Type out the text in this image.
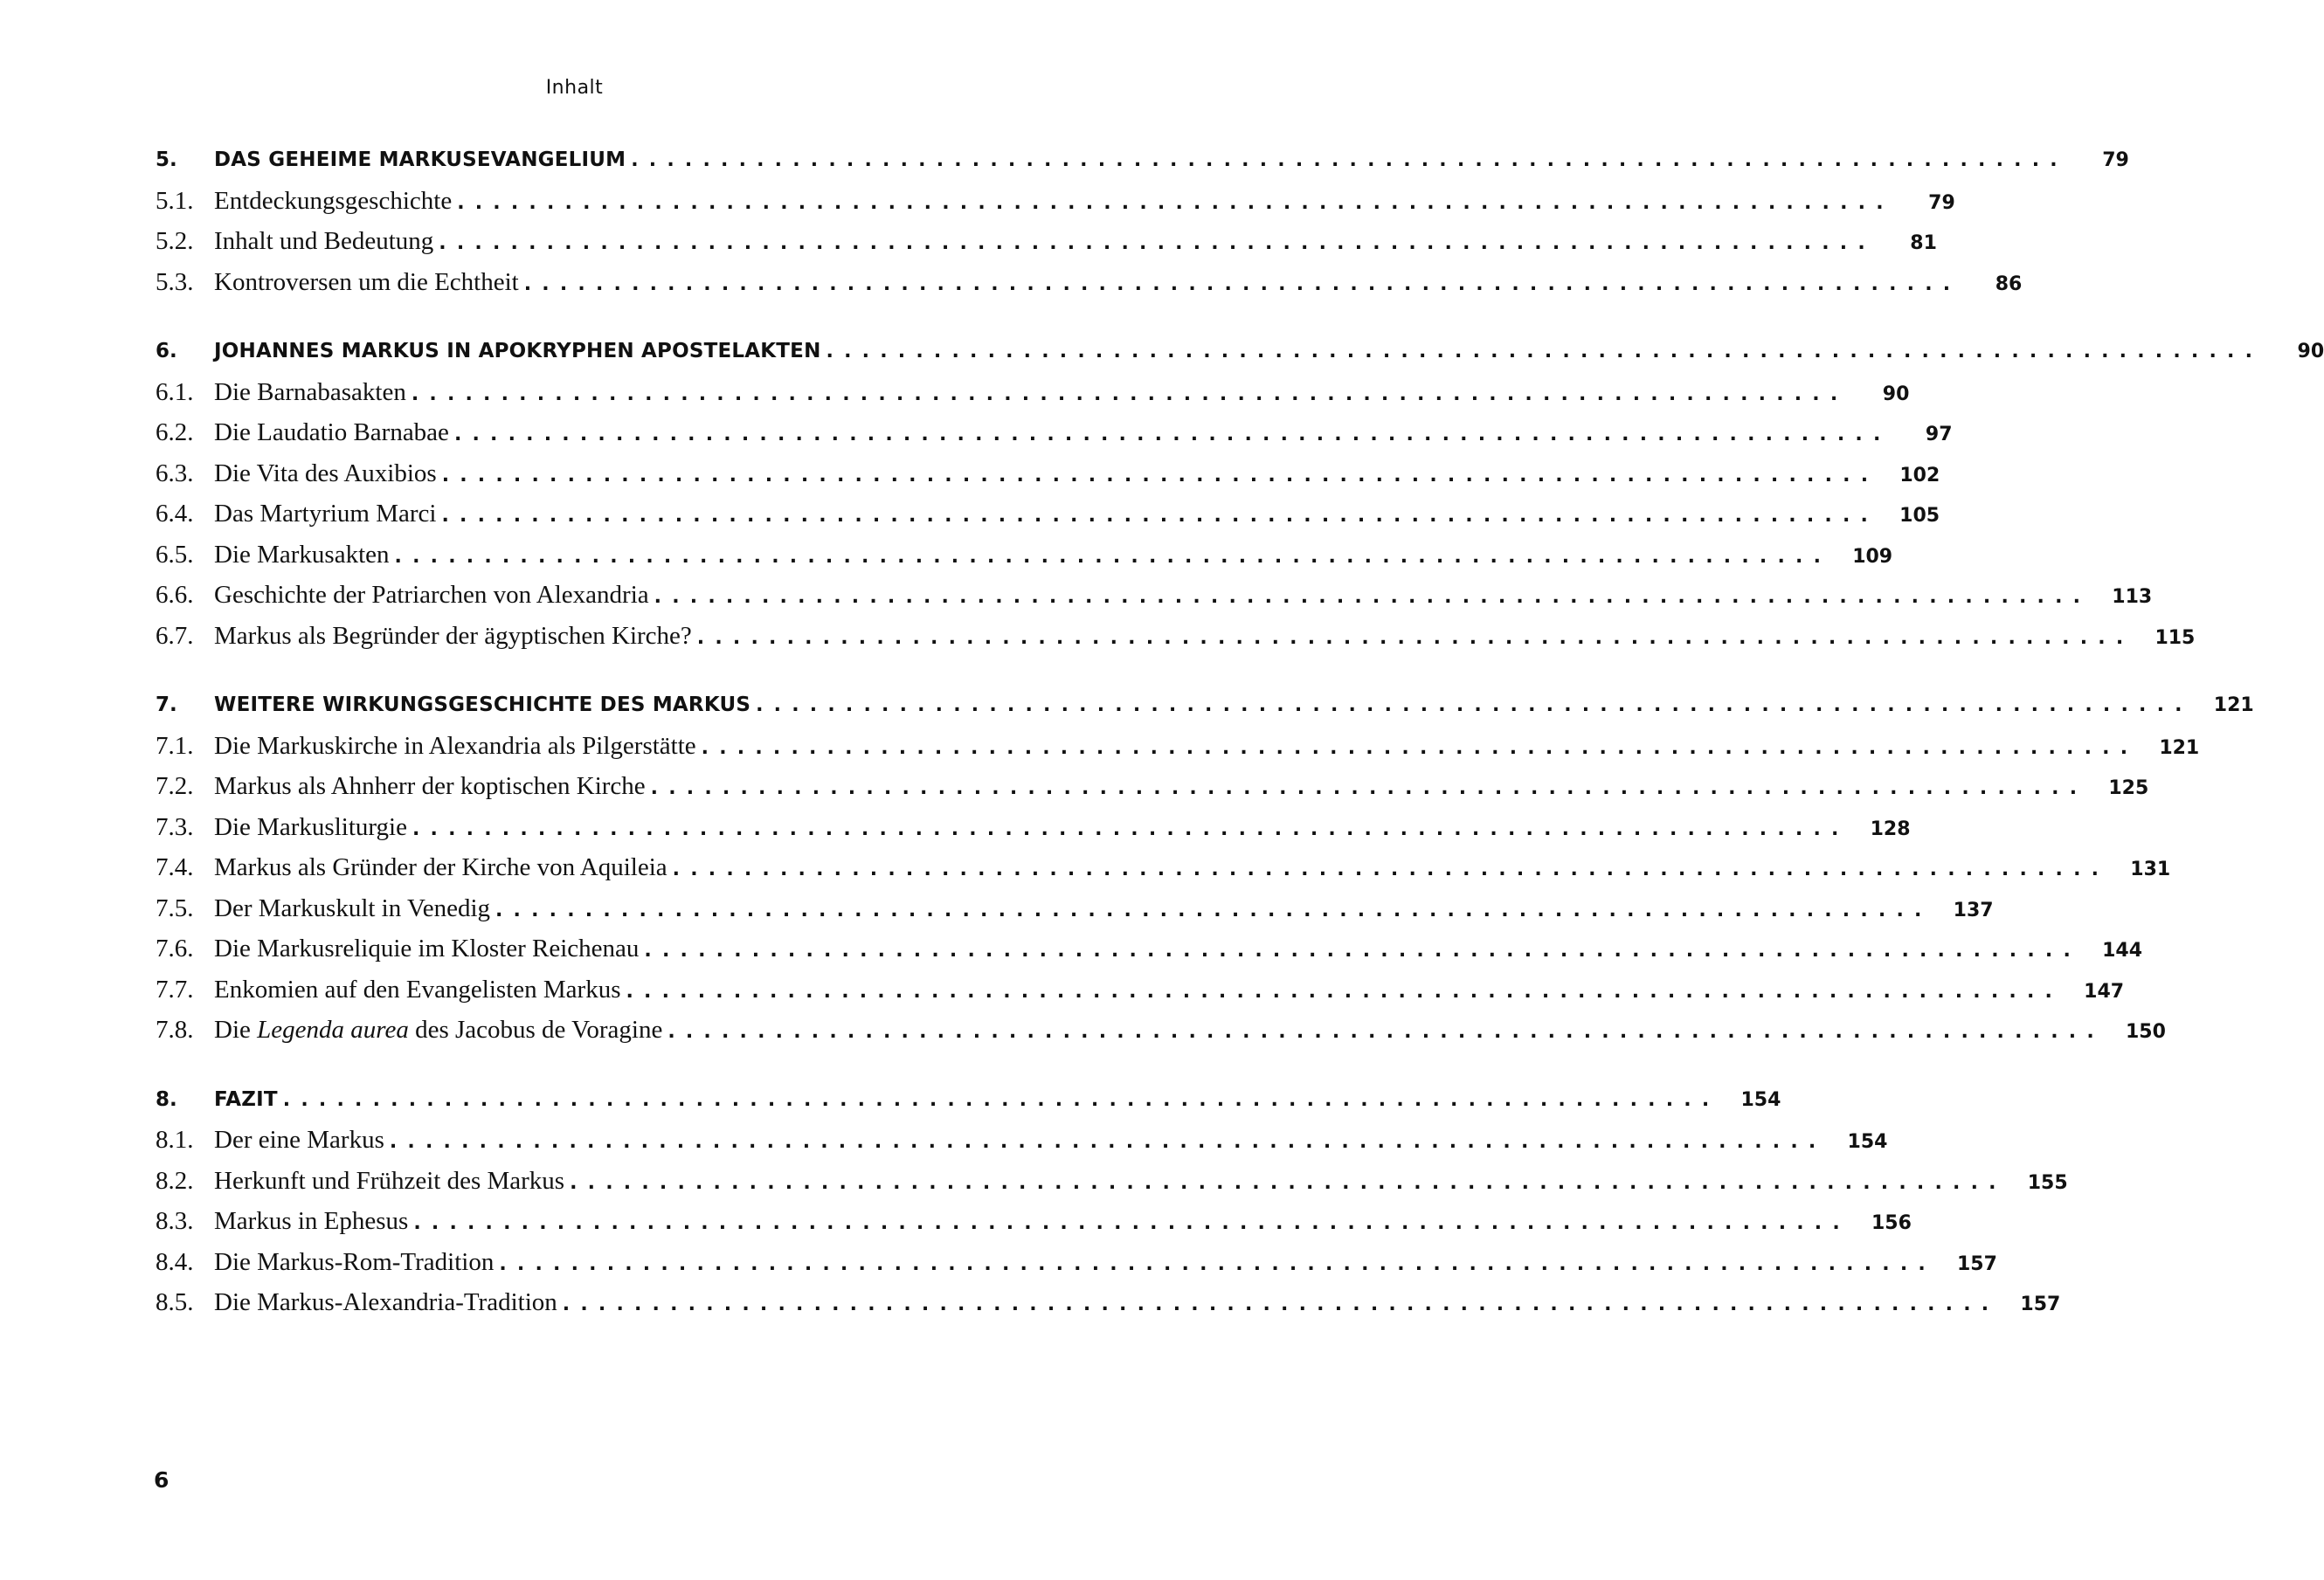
Inhalt
5.	DAS GEHEIME MARKUSEVANGELIUM ................................................................................	79
5.1. Entdeckungsgeschichte ................................................................................	79
5.2. Inhalt und Bedeutung ................................................................................	81
5.3. Kontroversen um die Echtheit ................................................................................	86
6.	JOHANNES MARKUS IN APOKRYPHEN APOSTELAKTEN ................................................................................	90
6.1. Die Barnabasakten ................................................................................	90
6.2. Die Laudatio Barnabae ................................................................................	97
6.3. Die Vita des Auxibios ................................................................................	102
6.4. Das Martyrium Marci ................................................................................	105
6.5. Die Markusakten ................................................................................	109
6.6. Geschichte der Patriarchen von Alexandria ................................................................................	113
6.7. Markus als Begründer der ägyptischen Kirche? ................................................................................	115
7.	WEITERE WIRKUNGSGESCHICHTE DES MARKUS ................................................................................	121
7.1. Die Markuskirche in Alexandria als Pilgerstätte ................................................................................	121
7.2. Markus als Ahnherr der koptischen Kirche ................................................................................	125
7.3. Die Markusliturgie ................................................................................	128
7.4. Markus als Gründer der Kirche von Aquileia ................................................................................	131
7.5. Der Markuskult in Venedig ................................................................................	137
7.6. Die Markusreliquie im Kloster Reichenau ................................................................................	144
7.7. Enkomien auf den Evangelisten Markus ................................................................................	147
7.8. Die Legenda aurea des Jacobus de Voragine ................................................................................	150
8.	FAZIT ................................................................................	154
8.1. Der eine Markus ................................................................................	154
8.2. Herkunft und Frühzeit des Markus ................................................................................	155
8.3. Markus in Ephesus ................................................................................	156
8.4. Die Markus-Rom-Tradition ................................................................................	157
8.5. Die Markus-Alexandria-Tradition ................................................................................	157
6
